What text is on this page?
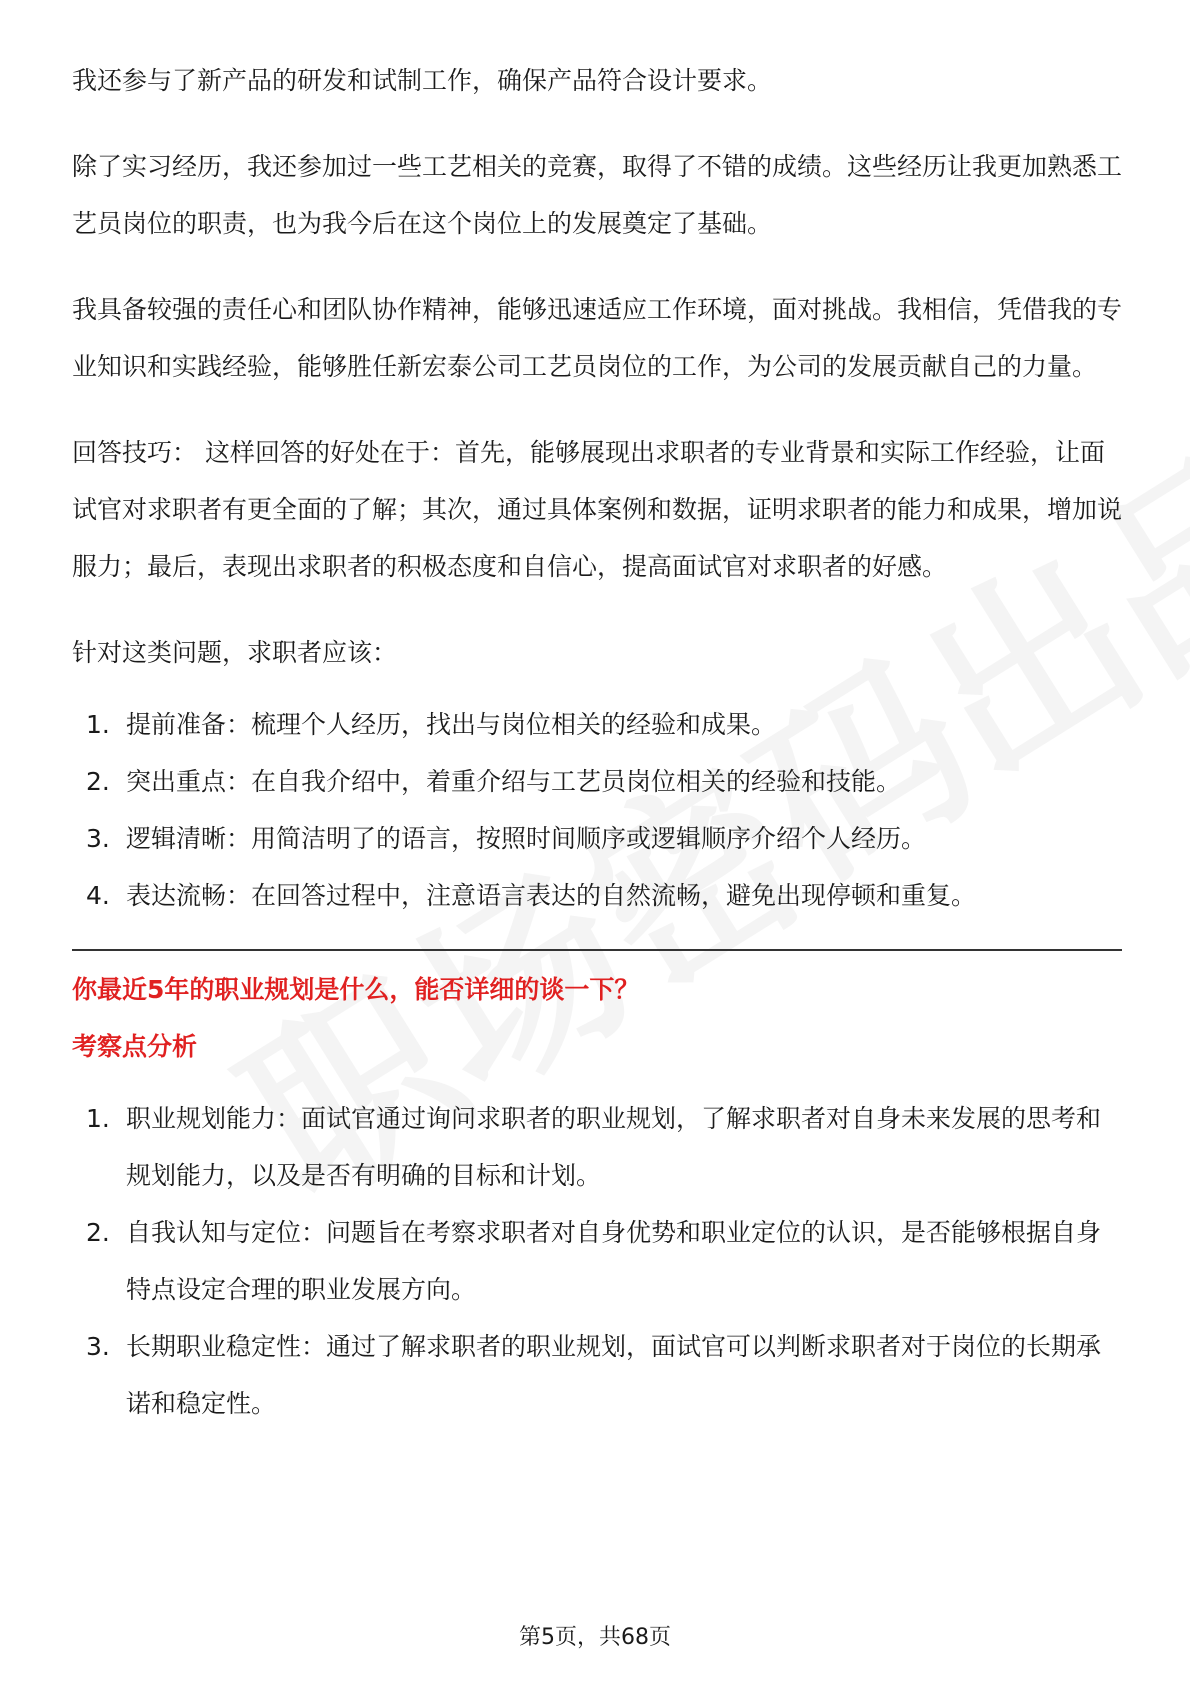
我还参与了新产品的研发和试制工作，确保产品符合设计要求。

除了实习经历，我还参加过一些工艺相关的竞赛，取得了不错的成绩。这些经历让我更加熟悉工艺员岗位的职责，也为我今后在这个岗位上的发展奠定了基础。

我具备较强的责任心和团队协作精神，能够迅速适应工作环境，面对挑战。我相信，凭借我的专业知识和实践经验，能够胜任新宏泰公司工艺员岗位的工作，为公司的发展贡献自己的力量。

回答技巧： 这样回答的好处在于：首先，能够展现出求职者的专业背景和实际工作经验，让面试官对求职者有更全面的了解；其次，通过具体案例和数据，证明求职者的能力和成果，增加说服力；最后，表现出求职者的积极态度和自信心，提高面试官对求职者的好感。

针对这类问题，求职者应该：

1. 提前准备：梳理个人经历，找出与岗位相关的经验和成果。
2. 突出重点：在自我介绍中，着重介绍与工艺员岗位相关的经验和技能。
3. 逻辑清晰：用简洁明了的语言，按照时间顺序或逻辑顺序介绍个人经历。
4. 表达流畅：在回答过程中，注意语言表达的自然流畅，避免出现停顿和重复。

你最近5年的职业规划是什么，能否详细的谈一下？

考察点分析

1. 职业规划能力：面试官通过询问求职者的职业规划，了解求职者对自身未来发展的思考和规划能力，以及是否有明确的目标和计划。
2. 自我认知与定位：问题旨在考察求职者对自身优势和职业定位的认识，是否能够根据自身特点设定合理的职业发展方向。
3. 长期职业稳定性：通过了解求职者的职业规划，面试官可以判断求职者对于岗位的长期承诺和稳定性。
第5页，共68页
